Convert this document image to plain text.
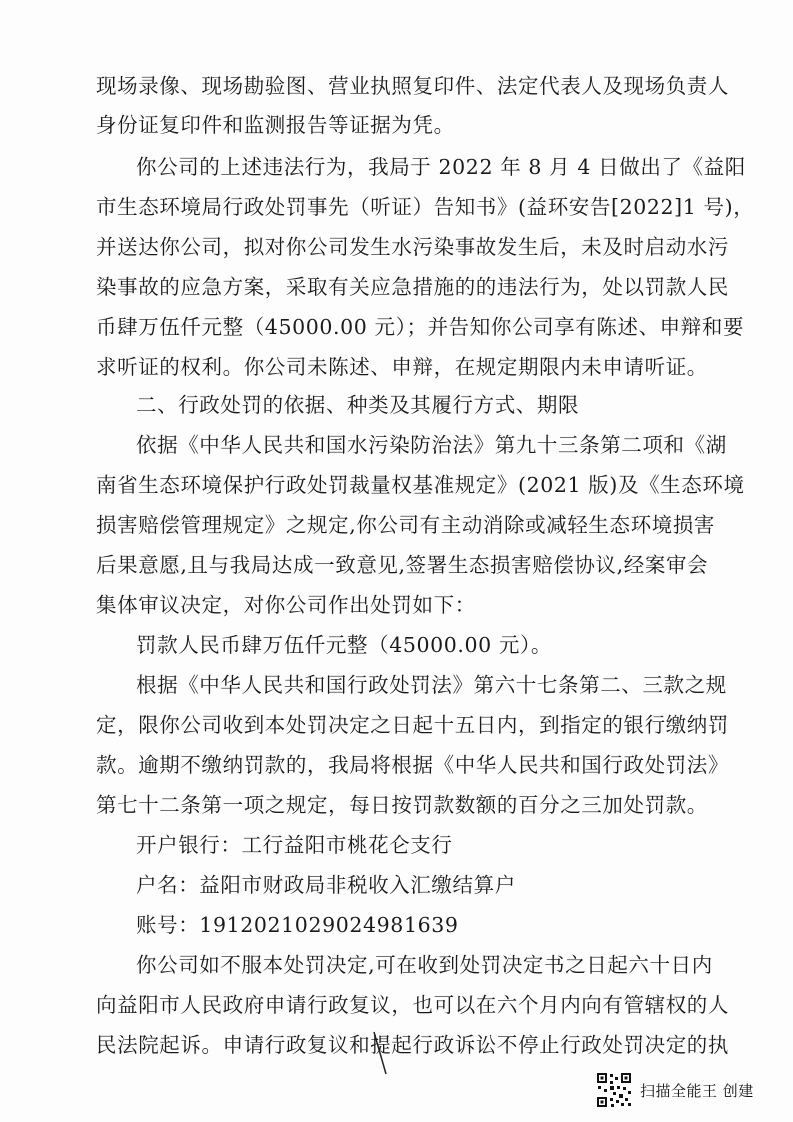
现场录像、现场勘验图、营业执照复印件、法定代表人及现场负责人
身份证复印件和监测报告等证据为凭。
你公司的上述违法行为，我局于 2022 年 8 月 4 日做出了《益阳
市生态环境局行政处罚事先（听证）告知书》(益环安告[2022]1 号)，
并送达你公司，拟对你公司发生水污染事故发生后，未及时启动水污
染事故的应急方案，采取有关应急措施的的违法行为，处以罚款人民
币肆万伍仟元整（45000.00 元）；并告知你公司享有陈述、申辩和要
求听证的权利。你公司未陈述、申辩，在规定期限内未申请听证。
二、行政处罚的依据、种类及其履行方式、期限
依据《中华人民共和国水污染防治法》第九十三条第二项和《湖
南省生态环境保护行政处罚裁量权基准规定》(2021 版)及《生态环境
损害赔偿管理规定》之规定,你公司有主动消除或减轻生态环境损害
后果意愿,且与我局达成一致意见,签署生态损害赔偿协议,经案审会
集体审议决定，对你公司作出处罚如下：
罚款人民币肆万伍仟元整（45000.00 元）。
根据《中华人民共和国行政处罚法》第六十七条第二、三款之规
定，限你公司收到本处罚决定之日起十五日内，到指定的银行缴纳罚
款。逾期不缴纳罚款的，我局将根据《中华人民共和国行政处罚法》
第七十二条第一项之规定，每日按罚款数额的百分之三加处罚款。
开户银行：工行益阳市桃花仑支行
户名：益阳市财政局非税收入汇缴结算户
账号：191202102902498163​9
你公司如不服本处罚决定,可在收到处罚决定书之日起六十日内
向益阳市人民政府申请行政复议，也可以在六个月内向有管辖权的人
民法院起诉。申请行政复议和提起行政诉讼不停止行政处罚决定的执
扫描全能王 创建
